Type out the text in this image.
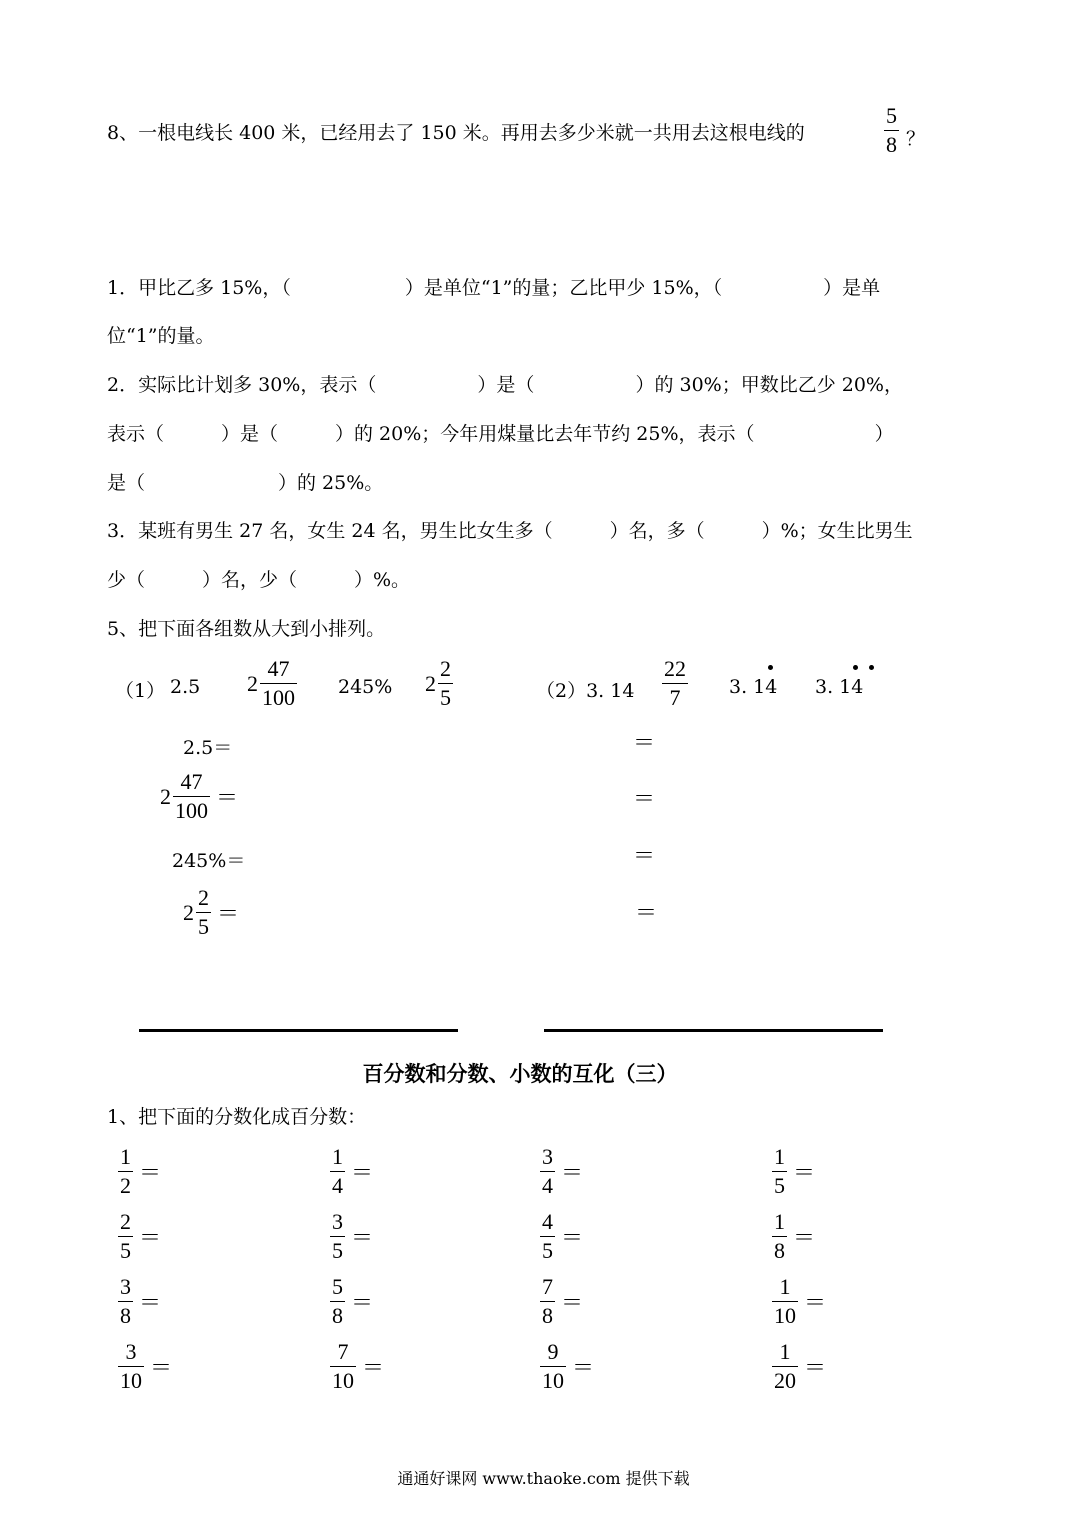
8、一根电线长 400 米，已经用去了 150 米。再用去多少米就一共用去这根电线的
5
8 ？
1．甲比乙多 15%，（　　　　　　）是单位“1”的量；乙比甲少 15%，（　　　　　 ）是单
位“1”的量。
2．实际比计划多 30%，表示（　　　　　 ）是（　　　　　 ）的 30%；甲数比乙少 20%，
表示（　　　）是（　　　）的 20%；今年用煤量比去年节约 25%，表示（　　　　　　 ）
是（　　　　　　　）的 25%。
3．某班有男生 27 名，女生 24 名，男生比女生多（　　　）名，多（　　　）%；女生比男生
少（　　　）名，少（　　　）%。
5、把下面各组数从大到小排列。
（1） 2.5 $2 \frac{47}{100} 245\%$ $2 \frac{2}{5}$	（2）3. 14
22
7	3. 14 3. 14
2.5＝
$2 \frac{47}{100}$ ＝
245%＝
$2 \frac{2}{5}$ ＝
＝
＝
＝
＝
百分数和分数、小数的互化（三）
1、把下面的分数化成百分数：
$\frac{1}{2}$ ＝	$\frac{1}{4}$ ＝	$\frac{3}{4}$ ＝	$\frac{1}{5}$ ＝
$\frac{2}{5}$ ＝	$\frac{3}{5}$ ＝	$\frac{4}{5}$ ＝	$\frac{1}{8}$ ＝
$\frac{3}{8}$ ＝	$\frac{5}{8}$ ＝	$\frac{7}{8}$ ＝	$\frac{1}{10}$ ＝
$\frac{3}{10}$ ＝	$\frac{7}{10}$ ＝	$\frac{9}{10}$ ＝	$\frac{1}{20}$ ＝
通通好课网 www.thaoke.com 提供下载
